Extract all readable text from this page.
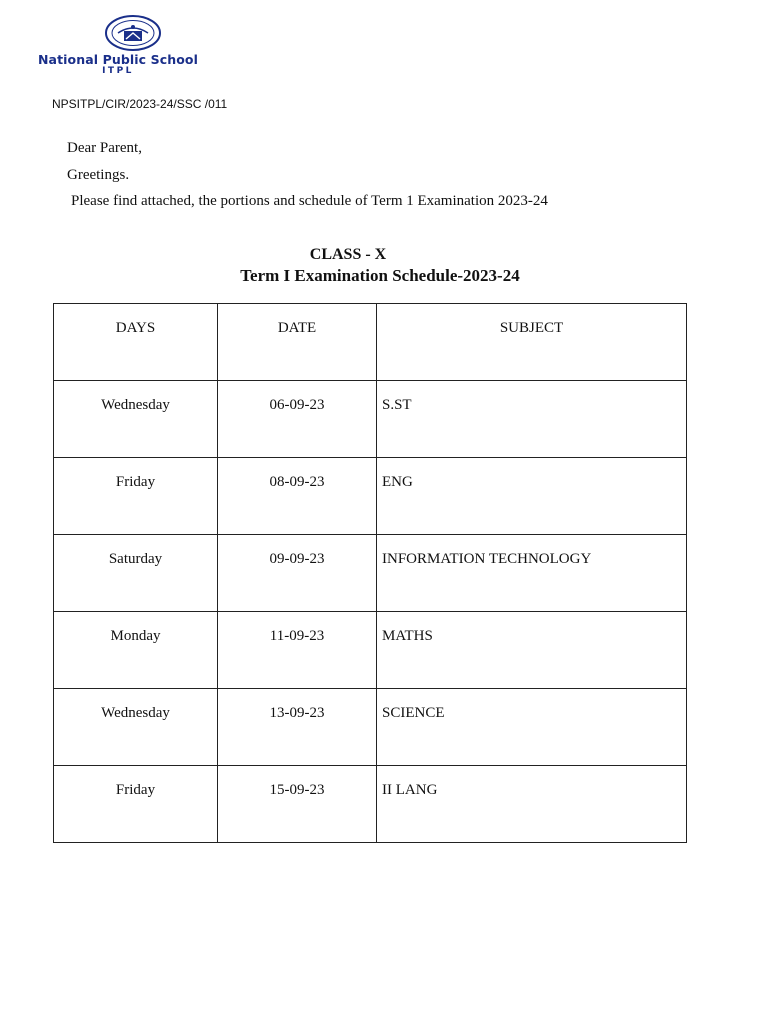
National Public School
ITPL
NPSITPL/CIR/2023-24/SSC /011
Dear Parent,
Greetings.
Please find attached, the portions and schedule of Term 1 Examination 2023-24
CLASS - X
Term I Examination Schedule-2023-24
DAYS	DATE	SUBJECT

Wednesday	06-09-23	S.ST

Friday	08-09-23	ENG

Saturday	09-09-23	INFORMATION TECHNOLOGY

Monday	11-09-23	MATHS

Wednesday	13-09-23	SCIENCE

Friday	15-09-23	II LANG
